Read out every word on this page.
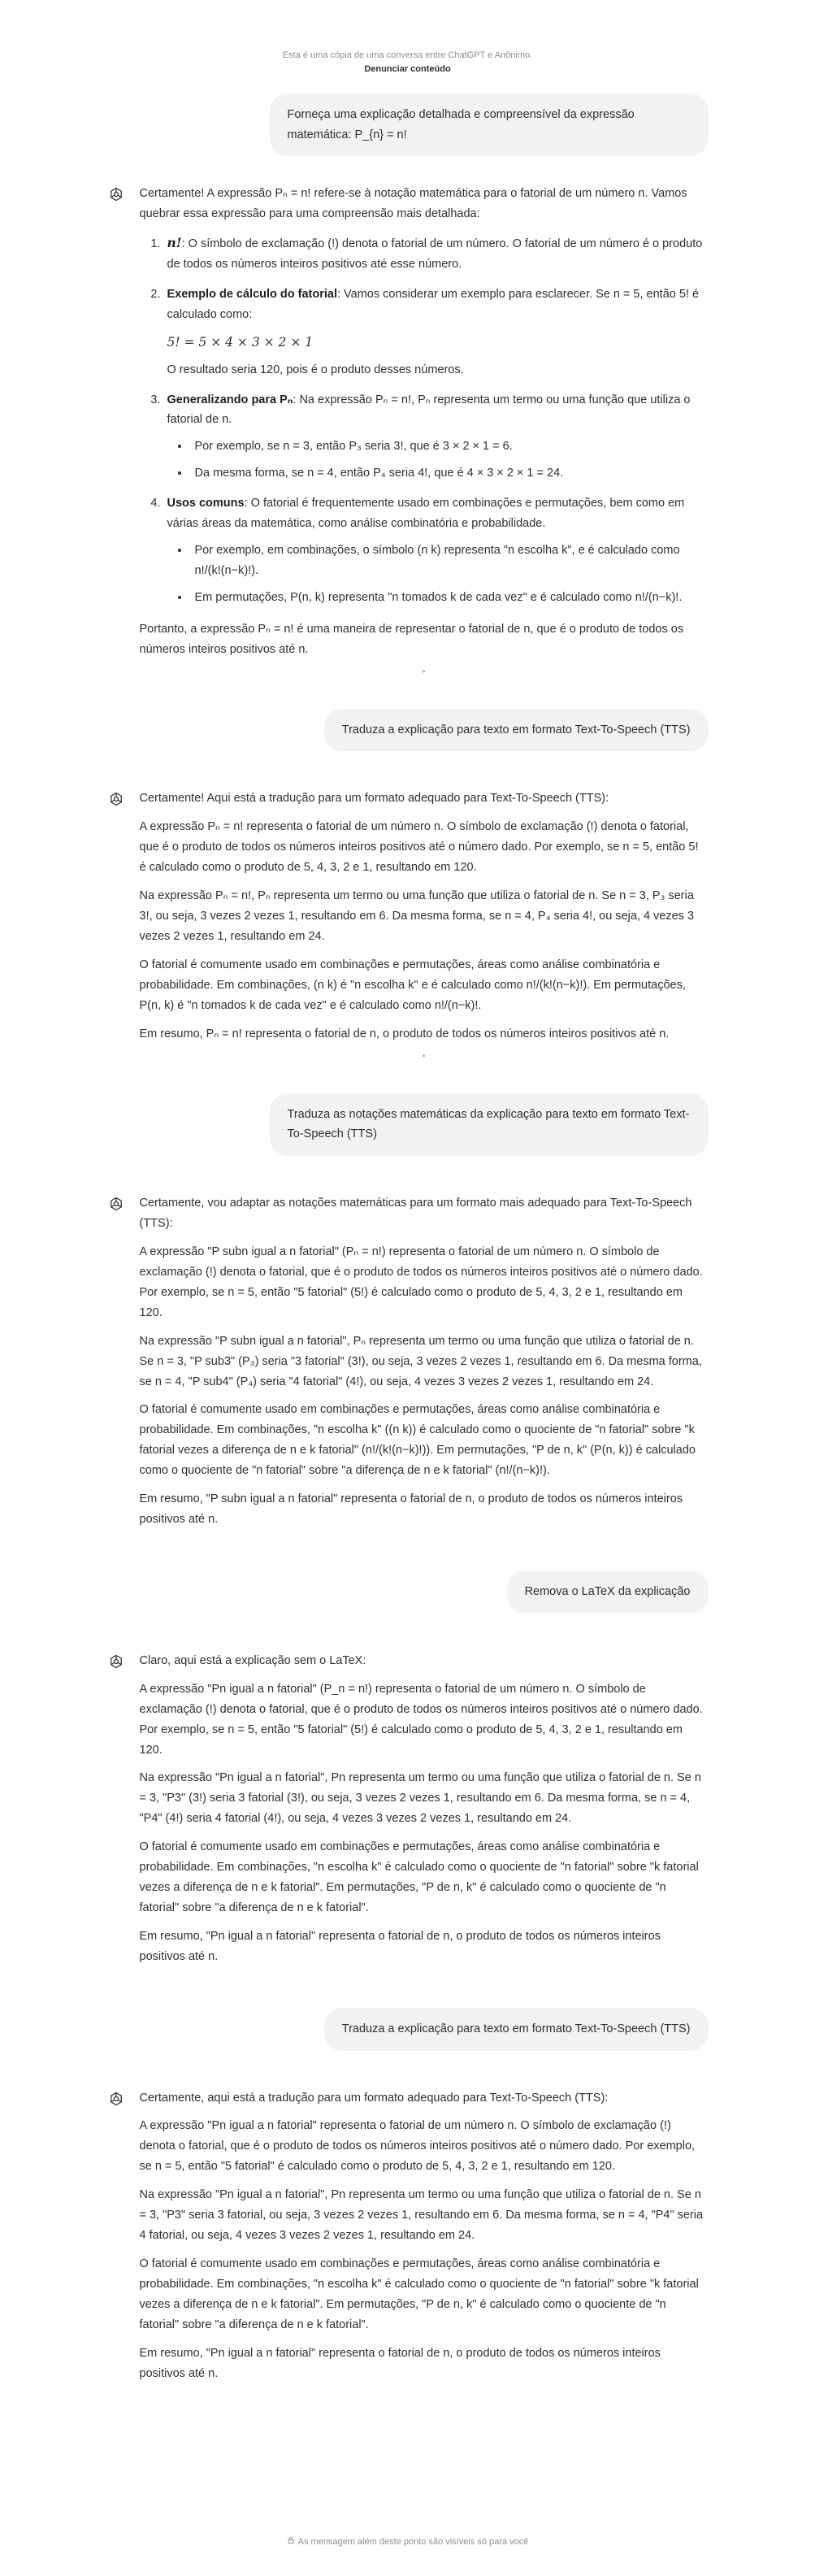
Esta é uma cópia de uma conversa entre ChatGPT e Anônimo.
Denunciar conteúdo
Forneça uma explicação detalhada e compreensível da expressão matemática: P_{n} = n!

Certamente! A expressão Pₙ = n! refere-se à notação matemática para o fatorial de um número n. Vamos quebrar essa expressão para uma compreensão mais detalhada:

1. n!: O símbolo de exclamação (!) denota o fatorial de um número. O fatorial de um número é o produto de todos os números inteiros positivos até esse número.
2. Exemplo de cálculo do fatorial: Vamos considerar um exemplo para esclarecer. Se n = 5, então 5! é calculado como:
5! = 5 × 4 × 3 × 2 × 1
O resultado seria 120, pois é o produto desses números.
3. Generalizando para Pₙ: Na expressão Pₙ = n!, Pₙ representa um termo ou uma função que utiliza o fatorial de n.
• Por exemplo, se n = 3, então P₃ seria 3!, que é 3 × 2 × 1 = 6.
• Da mesma forma, se n = 4, então P₄ seria 4!, que é 4 × 3 × 2 × 1 = 24.
4. Usos comuns: O fatorial é frequentemente usado em combinações e permutações, bem como em várias áreas da matemática, como análise combinatória e probabilidade.
• Por exemplo, em combinações, o símbolo (n k) representa "n escolha k", e é calculado como n!/(k!(n−k)!).
• Em permutações, P(n, k) representa "n tomados k de cada vez" e é calculado como n!/(n−k)!.

Portanto, a expressão Pₙ = n! é uma maneira de representar o fatorial de n, que é o produto de todos os números inteiros positivos até n.

•
Traduza a explicação para texto em formato Text-To-Speech (TTS)

Certamente! Aqui está a tradução para um formato adequado para Text-To-Speech (TTS):

A expressão Pₙ = n! representa o fatorial de um número n. O símbolo de exclamação (!) denota o fatorial, que é o produto de todos os números inteiros positivos até o número dado. Por exemplo, se n = 5, então 5! é calculado como o produto de 5, 4, 3, 2 e 1, resultando em 120.

Na expressão Pₙ = n!, Pₙ representa um termo ou uma função que utiliza o fatorial de n. Se n = 3, P₃ seria 3!, ou seja, 3 vezes 2 vezes 1, resultando em 6. Da mesma forma, se n = 4, P₄ seria 4!, ou seja, 4 vezes 3 vezes 2 vezes 1, resultando em 24.

O fatorial é comumente usado em combinações e permutações, áreas como análise combinatória e probabilidade. Em combinações, (n k) é "n escolha k" e é calculado como n!/(k!(n−k)!). Em permutações, P(n, k) é "n tomados k de cada vez" e é calculado como n!/(n−k)!.

Em resumo, Pₙ = n! representa o fatorial de n, o produto de todos os números inteiros positivos até n.

•
Traduza as notações matemáticas da explicação para texto em formato Text-To-Speech (TTS)

Certamente, vou adaptar as notações matemáticas para um formato mais adequado para Text-To-Speech (TTS):

A expressão "P subn igual a n fatorial" (Pₙ = n!) representa o fatorial de um número n. O símbolo de exclamação (!) denota o fatorial, que é o produto de todos os números inteiros positivos até o número dado. Por exemplo, se n = 5, então "5 fatorial" (5!) é calculado como o produto de 5, 4, 3, 2 e 1, resultando em 120.

Na expressão "P subn igual a n fatorial", Pₙ representa um termo ou uma função que utiliza o fatorial de n. Se n = 3, "P sub3" (P₃) seria "3 fatorial" (3!), ou seja, 3 vezes 2 vezes 1, resultando em 6. Da mesma forma, se n = 4, "P sub4" (P₄) seria "4 fatorial" (4!), ou seja, 4 vezes 3 vezes 2 vezes 1, resultando em 24.

O fatorial é comumente usado em combinações e permutações, áreas como análise combinatória e probabilidade. Em combinações, "n escolha k" ((n k)) é calculado como o quociente de "n fatorial" sobre "k fatorial vezes a diferença de n e k fatorial" (n!/(k!(n−k)!)). Em permutações, "P de n, k" (P(n, k)) é calculado como o quociente de "n fatorial" sobre "a diferença de n e k fatorial" (n!/(n−k)!).

Em resumo, "P subn igual a n fatorial" representa o fatorial de n, o produto de todos os números inteiros positivos até n.

Remova o LaTeX da explicação

Claro, aqui está a explicação sem o LaTeX:

A expressão "Pn igual a n fatorial" (P_n = n!) representa o fatorial de um número n. O símbolo de exclamação (!) denota o fatorial, que é o produto de todos os números inteiros positivos até o número dado. Por exemplo, se n = 5, então "5 fatorial" (5!) é calculado como o produto de 5, 4, 3, 2 e 1, resultando em 120.

Na expressão "Pn igual a n fatorial", Pn representa um termo ou uma função que utiliza o fatorial de n. Se n = 3, "P3" (3!) seria 3 fatorial (3!), ou seja, 3 vezes 2 vezes 1, resultando em 6. Da mesma forma, se n = 4, "P4" (4!) seria 4 fatorial (4!), ou seja, 4 vezes 3 vezes 2 vezes 1, resultando em 24.

O fatorial é comumente usado em combinações e permutações, áreas como análise combinatória e probabilidade. Em combinações, "n escolha k" é calculado como o quociente de "n fatorial" sobre "k fatorial vezes a diferença de n e k fatorial". Em permutações, "P de n, k" é calculado como o quociente de "n fatorial" sobre "a diferença de n e k fatorial".

Em resumo, "Pn igual a n fatorial" representa o fatorial de n, o produto de todos os números inteiros positivos até n.

Traduza a explicação para texto em formato Text-To-Speech (TTS)

Certamente, aqui está a tradução para um formato adequado para Text-To-Speech (TTS):

A expressão "Pn igual a n fatorial" representa o fatorial de um número n. O símbolo de exclamação (!) denota o fatorial, que é o produto de todos os números inteiros positivos até o número dado. Por exemplo, se n = 5, então "5 fatorial" é calculado como o produto de 5, 4, 3, 2 e 1, resultando em 120.

Na expressão "Pn igual a n fatorial", Pn representa um termo ou uma função que utiliza o fatorial de n. Se n = 3, "P3" seria 3 fatorial, ou seja, 3 vezes 2 vezes 1, resultando em 6. Da mesma forma, se n = 4, "P4" seria 4 fatorial, ou seja, 4 vezes 3 vezes 2 vezes 1, resultando em 24.

O fatorial é comumente usado em combinações e permutações, áreas como análise combinatória e probabilidade. Em combinações, "n escolha k" é calculado como o quociente de "n fatorial" sobre "k fatorial vezes a diferença de n e k fatorial". Em permutações, "P de n, k" é calculado como o quociente de "n fatorial" sobre "a diferença de n e k fatorial".

Em resumo, "Pn igual a n fatorial" representa o fatorial de n, o produto de todos os números inteiros positivos até n.

As mensagem além deste ponto são visíveis só para você
